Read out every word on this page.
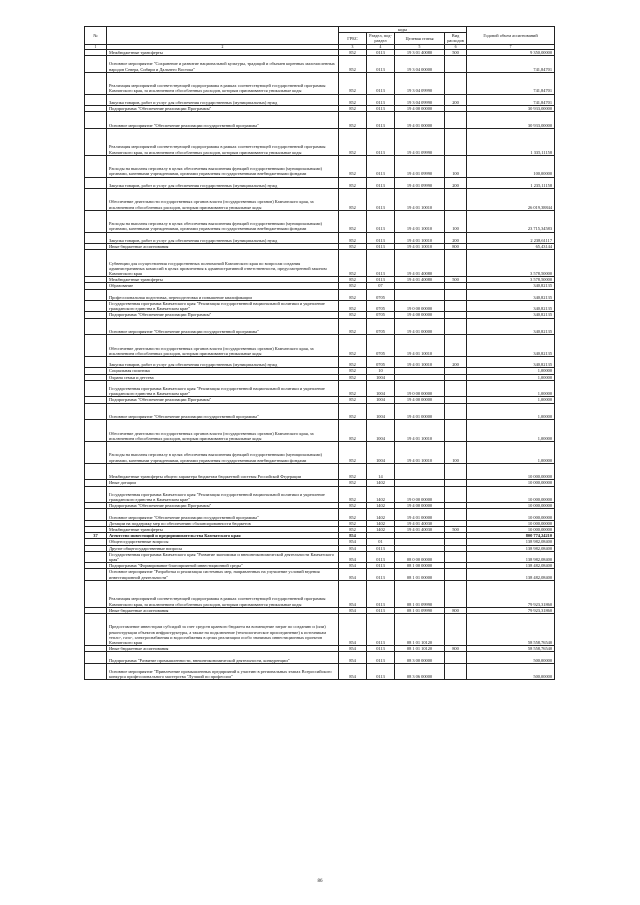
№		коды				Годовой объем ассигнований
		ГРБС	Раздел, под-раздел	Целевая статья	Вид расходов	
1	2	3	4	5	6	7
	Межбюджетные трансферты	852	0113	19 3 01 40080	500	9 350,00000
	Основное мероприятие "Сохранение и развитие национальной культуры, традиций и обычаев коренных малочисленных народов Севера, Сибири и Дальнего Востока"	852	0113	19 3 04 00000		741,84701
	Реализация мероприятий соответствующей подпрограммы в рамках соответствующей государственной программы Камчатского края, за исключением обособленных расходов, которым присваиваются уникальные коды	852	0113	19 3 04 09990		741,84701
	Закупка товаров, работ и услуг для обеспечения государственных (муниципальных) нужд	852	0113	19 3 04 09990	200	741,84701
	Подпрограмма "Обеспечение реализации Программы"	852	0113	19 4 00 00000		30 933,00000
	Основное мероприятие "Обеспечение реализации государственной программы"	852	0113	19 4 01 00000		30 933,00000
	Реализация мероприятий соответствующей подпрограммы в рамках соответствующей государственной программы Камчатского края, за исключением обособленных расходов, которым присваиваются уникальные коды	852	0113	19 4 01 09990		1 335,11158
	Расходы на выплаты персоналу в целях обеспечения выполнения функций государственными (муниципальными) органами, казенными учреждениями, органами управления государственными внебюджетными фондами	852	0113	19 4 01 09990	100	100,00000
	Закупка товаров, работ и услуг для обеспечения государственных (муниципальных) нужд	852	0113	19 4 01 09990	200	1 235,11158
	Обеспечение деятельности государственных органов власти (государственных органов) Камчатского края, за исключением обособленных расходов, которым присваиваются уникальные коды	852	0113	19 4 01 10010		26 019,38844
	Расходы на выплаты персоналу в целях обеспечения выполнения функций государственными (муниципальными) органами, казенными учреждениями, органами управления государственными внебюджетными фондами	852	0113	19 4 01 10010	100	23 715,34583
	Закупка товаров, работ и услуг для обеспечения государственных (муниципальных) нужд	852	0113	19 4 01 10010	200	2 238,61117
	Иные бюджетные ассигнования	852	0113	19 4 01 10010	800	65,43144
	Субвенции для осуществления государственных полномочий Камчатского края по вопросам создания административных комиссий в целях привлечения к административной ответственности, предусмотренной законом Камчатского края	852	0113	19 4 01 40080		3 578,50000
	Межбюджетные трансферты	852	0113	19 4 01 40080	500	3 578,50000
	Образование	852	07			340,82135
	Профессиональная подготовка, переподготовка и повышение квалификации	852	0705			340,82135
	Государственная программа Камчатского края "Реализация государственной национальной политики и укрепление гражданского единства в Камчатском крае"	852	0705	19 0 00 00000		340,82135
	Подпрограмма "Обеспечение реализации Программы"	852	0705	19 4 00 00000		340,82135
	Основное мероприятие "Обеспечение реализации государственной программы"	852	0705	19 4 01 00000		340,82135
	Обеспечение деятельности государственных органов власти (государственных органов) Камчатского края, за исключением обособленных расходов, которым присваиваются уникальные коды	852	0705	19 4 01 10010		340,82135
	Закупка товаров, работ и услуг для обеспечения государственных (муниципальных) нужд	852	0705	19 4 01 10010	200	340,82135
	Социальная политика	852	10			1,00000
	Охрана семьи и детства	852	1004			1,00000
	Государственная программа Камчатского края "Реализация государственной национальной политики и укрепление гражданского единства в Камчатском крае"	852	1004	19 0 00 00000		1,00000
	Подпрограмма "Обеспечение реализации Программы"	852	1004	19 4 00 00000		1,00000
	Основное мероприятие "Обеспечение реализации государственной программы"	852	1004	19 4 01 00000		1,00000
	Обеспечение деятельности государственных органов власти (государственных органов) Камчатского края, за исключением обособленных расходов, которым присваиваются уникальные коды	852	1004	19 4 01 10010		1,00000
	Расходы на выплаты персоналу в целях обеспечения выполнения функций государственными (муниципальными) органами, казенными учреждениями, органами управления государственными внебюджетными фондами	852	1004	19 4 01 10010	100	1,00000
	Межбюджетные трансферты общего характера бюджетам бюджетной системы Российской Федерации	852	14			10 000,00000
	Иные дотации	852	1402			10 000,00000
	Государственная программа Камчатского края "Реализация государственной национальной политики и укрепление гражданского единства в Камчатском крае"	852	1402	19 0 00 00000		10 000,00000
	Подпрограмма "Обеспечение реализации Программы"	852	1402	19 4 00 00000		10 000,00000
	Основное мероприятие "Обеспечение реализации государственной программы"	852	1402	19 4 01 00000		10 000,00000
	Дотации на поддержку мер по обеспечению сбалансированности бюджетов	852	1402	19 4 01 40030		10 000,00000
	Межбюджетные трансферты	852	1402	19 4 01 40030	500	10 000,00000
37	Агентство инвестиций и предпринимательства Камчатского края	854				800 774,24210
	Общегосударственные вопросы	854	01			138 982,08400
	Другие общегосударственные вопросы	854	0113			138 982,08400
	Государственная программа Камчатского края "Развитие экономики и внешнеэкономической деятельности Камчатского края"	854	0113	08 0 00 00000		138 982,08400
	Подпрограмма "Формирование благоприятной инвестиционной среды"	854	0113	08 1 00 00000		138 482,08400
	Основное мероприятие "Разработка и реализация системных мер, направленных на улучшение условий ведения инвестиционной деятельности"	854	0113	08 1 01 00000		138 482,08400
	Реализация мероприятий соответствующей подпрограммы в рамках соответствующей государственной программы Камчатского края, за исключением обособленных расходов, которым присваиваются уникальные коды	854	0113	08 1 01 09990		79 923,31860
	Иные бюджетные ассигнования	854	0113	08 1 01 09990	800	79 923,31860
	Предоставление инвесторам субсидий за счет средств краевого бюджета на возмещение затрат по созданию и (или) реконструкции объектов инфраструктуры, а также на подключение (технологическое присоединение) к источникам тепло-, газо-, электроснабжения и водоснабжения в целях реализации особо значимых инвестиционных проектов Камчатского края	854	0113	08 1 01 10120		58 558,76540
	Иные бюджетные ассигнования	854	0113	08 1 01 10120	800	58 558,76540
	Подпрограмма "Развитие промышленности, внешнеэкономической деятельности, конкуренции"	854	0113	08 3 00 00000		500,00000
	Основное мероприятие "Привлечение промышленных предприятий к участию в региональных этапах Всероссийского конкурса профессионального мастерства "Лучший по профессии"	854	0113	08 3 06 00000		500,00000
86
